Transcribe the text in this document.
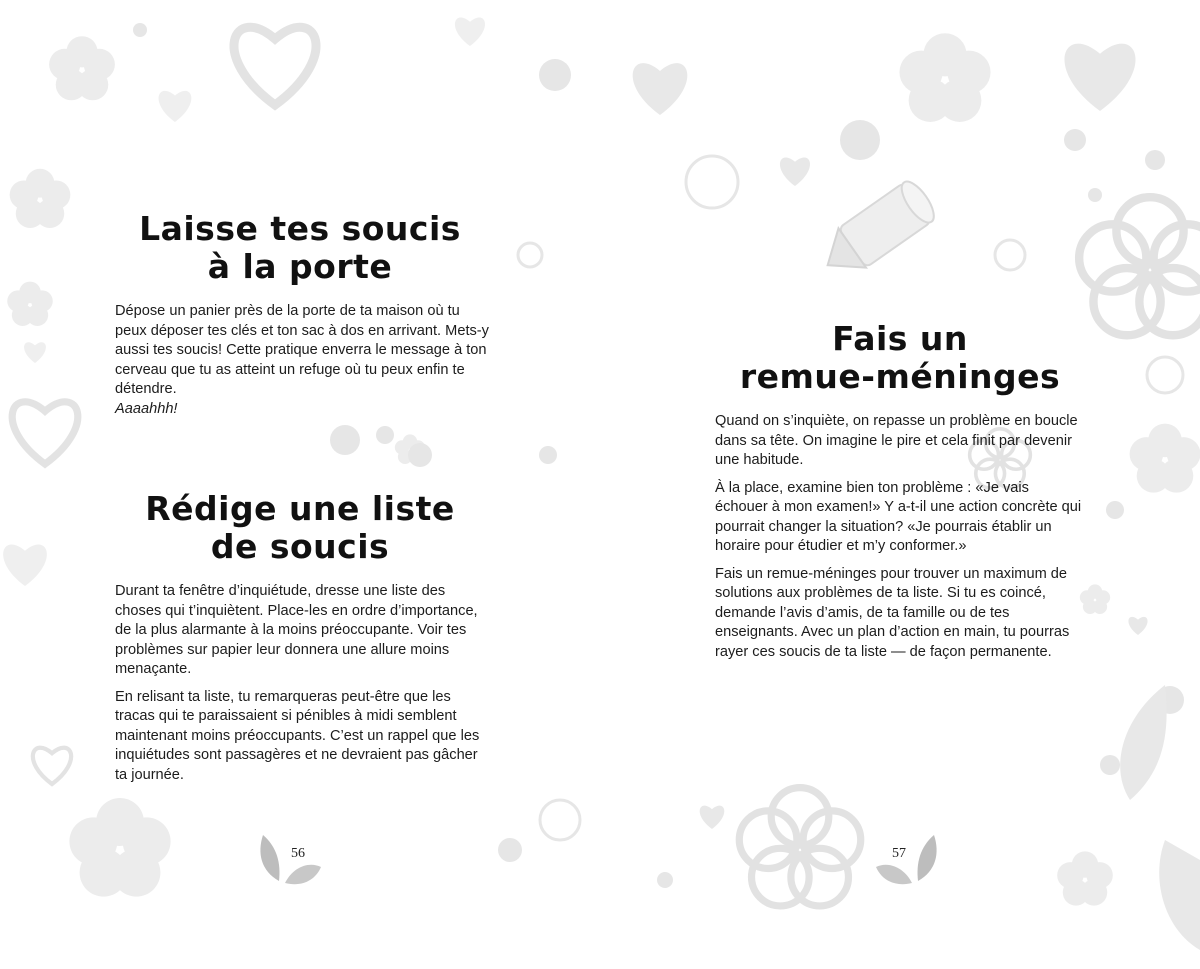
Laisse tes soucis
à la porte

Dépose un panier près de la porte de ta maison où tu peux déposer tes clés et ton sac à dos en arrivant. Mets-y aussi tes soucis! Cette pratique enverra le message à ton cerveau que tu as atteint un refuge où tu peux enfin te détendre.
Aaaahhh!

Rédige une liste
de soucis

Durant ta fenêtre d’inquiétude, dresse une liste des choses qui t’inquiètent. Place-les en ordre d’importance, de la plus alarmante à la moins préoccupante. Voir tes problèmes sur papier leur donnera une allure moins menaçante.

En relisant ta liste, tu remarqueras peut-être que les tracas qui te paraissaient si pénibles à midi semblent maintenant moins préoccupants. C’est un rappel que les inquiétudes sont passagères et ne devraient pas gâcher ta journée.

56
Fais un
remue-méninges

Quand on s’inquiète, on repasse un problème en boucle dans sa tête. On imagine le pire et cela finit par devenir une habitude.

À la place, examine bien ton problème : «Je vais échouer à mon examen!» Y a-t-il une action concrète qui pourrait changer la situation? «Je pourrais établir un horaire pour étudier et m’y conformer.»

Fais un remue-méninges pour trouver un maximum de solutions aux problèmes de ta liste. Si tu es coincé, demande l’avis d’amis, de ta famille ou de tes enseignants. Avec un plan d’action en main, tu pourras rayer ces soucis de ta liste — de façon permanente.

57
